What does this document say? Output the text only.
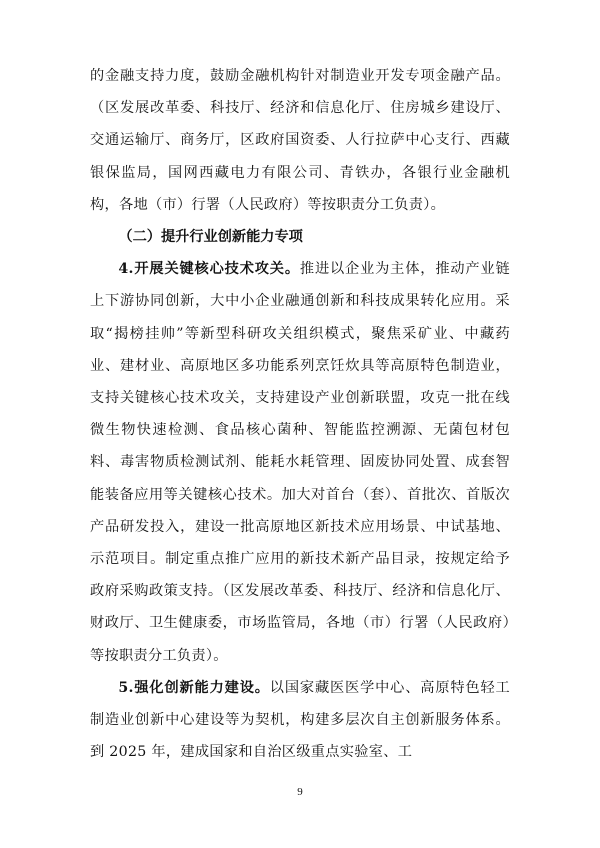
的金融支持力度，鼓励金融机构针对制造业开发专项金融产品。（区发展改革委、科技厅、经济和信息化厅、住房城乡建设厅、交通运输厅、商务厅，区政府国资委、人行拉萨中心支行、西藏银保监局，国网西藏电力有限公司、青铁办，各银行业金融机构，各地（市）行署（人民政府）等按职责分工负责）。

（二）提升行业创新能力专项

4.开展关键核心技术攻关。推进以企业为主体，推动产业链上下游协同创新，大中小企业融通创新和科技成果转化应用。采取“揭榜挂帅”等新型科研攻关组织模式，聚焦采矿业、中藏药业、建材业、高原地区多功能系列烹饪炊具等高原特色制造业，支持关键核心技术攻关，支持建设产业创新联盟，攻克一批在线微生物快速检测、食品核心菌种、智能监控溯源、无菌包材包料、毒害物质检测试剂、能耗水耗管理、固废协同处置、成套智能装备应用等关键核心技术。加大对首台（套）、首批次、首版次产品研发投入，建设一批高原地区新技术应用场景、中试基地、示范项目。制定重点推广应用的新技术新产品目录，按规定给予政府采购政策支持。（区发展改革委、科技厅、经济和信息化厅、财政厅、卫生健康委，市场监管局，各地（市）行署（人民政府）等按职责分工负责）。

5.强化创新能力建设。以国家藏医医学中心、高原特色轻工制造业创新中心建设等为契机，构建多层次自主创新服务体系。到 2025 年，建成国家和自治区级重点实验室、工

9
